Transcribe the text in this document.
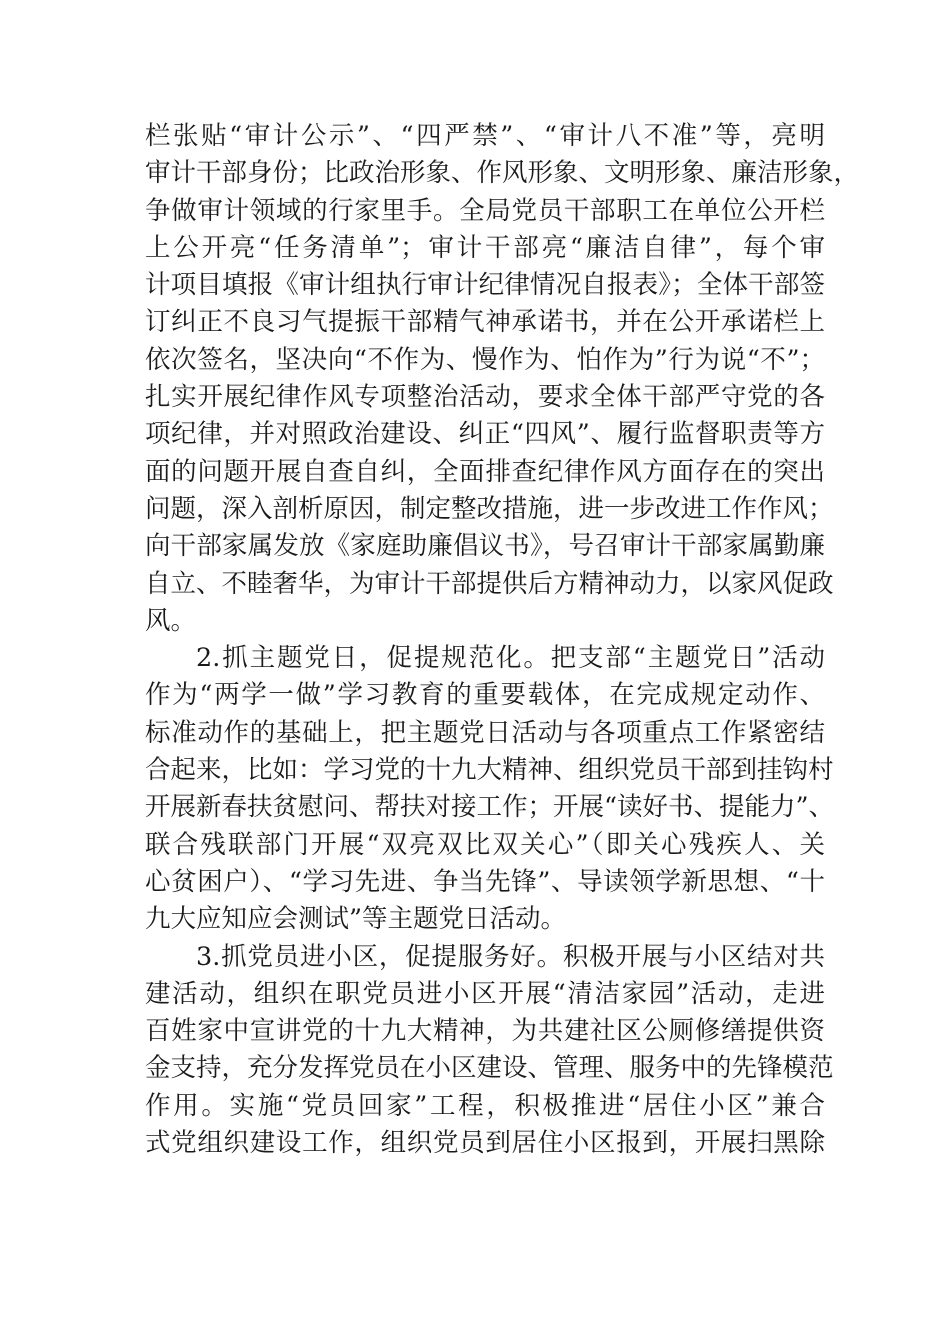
栏张贴“审计公示”、“四严禁”、“审计八不准”等，亮明
审计干部身份；比政治形象、作风形象、文明形象、廉洁形象，
争做审计领域的行家里手。全局党员干部职工在单位公开栏
上公开亮“任务清单”；审计干部亮“廉洁自律”，每个审
计项目填报《审计组执行审计纪律情况自报表》；全体干部签
订纠正不良习气提振干部精气神承诺书，并在公开承诺栏上
依次签名，坚决向“不作为、慢作为、怕作为”行为说“不”；
扎实开展纪律作风专项整治活动，要求全体干部严守党的各
项纪律，并对照政治建设、纠正“四风”、履行监督职责等方
面的问题开展自查自纠，全面排查纪律作风方面存在的突出
问题，深入剖析原因，制定整改措施，进一步改进工作作风；
向干部家属发放《家庭助廉倡议书》，号召审计干部家属勤廉
自立、不睦奢华，为审计干部提供后方精神动力，以家风促政
风。
2.抓主题党日，促提规范化。把支部“主题党日”活动
作为“两学一做”学习教育的重要载体，在完成规定动作、
标准动作的基础上，把主题党日活动与各项重点工作紧密结
合起来，比如：学习党的十九大精神、组织党员干部到挂钩村
开展新春扶贫慰问、帮扶对接工作；开展“读好书、提能力”、
联合残联部门开展“双亮双比双关心”（即关心残疾人、关
心贫困户）、“学习先进、争当先锋”、导读领学新思想、“十
九大应知应会测试”等主题党日活动。
3.抓党员进小区，促提服务好。积极开展与小区结对共
建活动，组织在职党员进小区开展“清洁家园”活动，走进
百姓家中宣讲党的十九大精神，为共建社区公厕修缮提供资
金支持，充分发挥党员在小区建设、管理、服务中的先锋模范
作用。实施“党员回家”工程，积极推进“居住小区”兼合
式党组织建设工作，组织党员到居住小区报到，开展扫黑除
